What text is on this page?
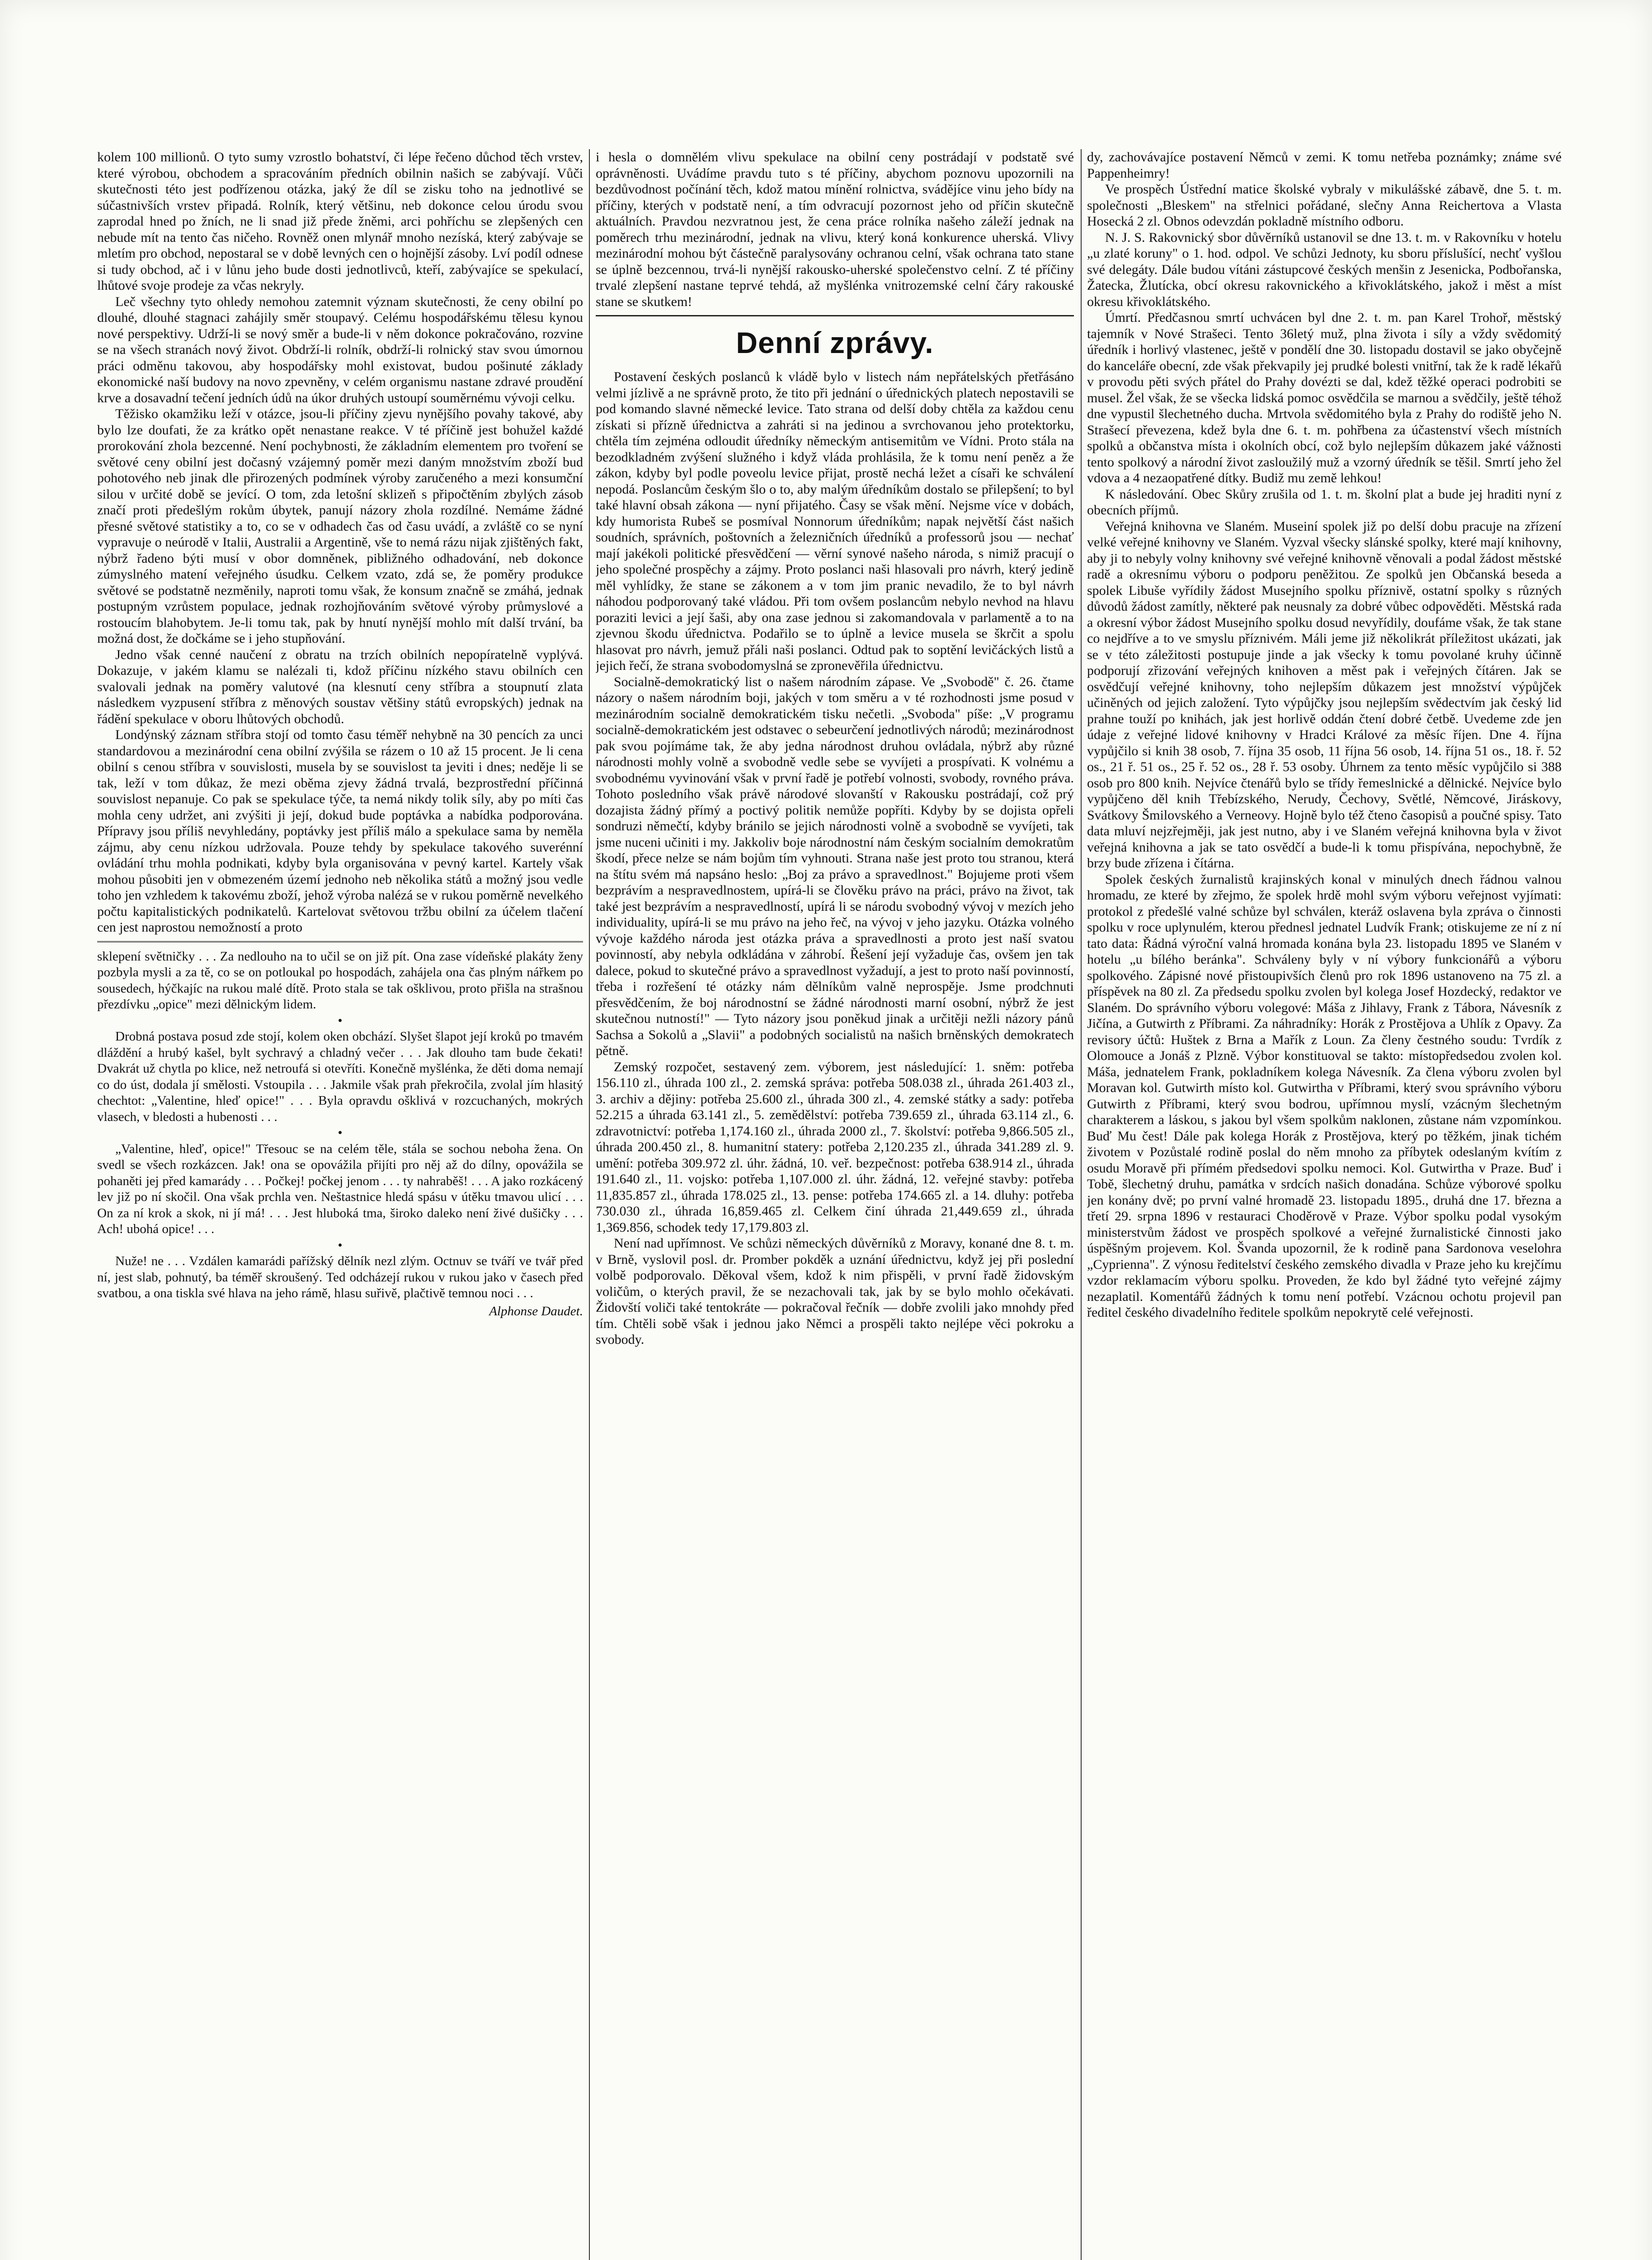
kolem 100 millionů. O tyto sumy vzrostlo bohatství, či lépe řečeno důchod těch vrstev, které výrobou, obchodem a spracováním předních obilnin našich se zabývají. Vůči skutečnosti této jest podřízenou otázka, jaký že díl se zisku toho na jednotlivé se súčastnivších vrstev připadá. Rolník, který většinu, neb dokonce celou úrodu svou zaprodal hned po žních, ne li snad již přede žněmi, arci pohříchu se zlepšených cen nebude mít na tento čas ničeho. Rovněž onen mlynář mnoho nezíská, který zabývaje se mletím pro obchod, nepostaral se v době levných cen o hojnější zásoby. Lví podíl odnese si tudy obchod, ač i v lůnu jeho bude dosti jednotlivců, kteří, zabývajíce se spekulací, lhůtové svoje prodeje za včas nekryly.

Leč všechny tyto ohledy nemohou zatemnit význam skutečnosti, že ceny obilní po dlouhé, dlouhé stagnaci zahájily směr stoupavý. Celému hospodářskému tělesu kynou nové perspektivy. Udrží-li se nový směr a bude-li v něm dokonce pokračováno, rozvine se na všech stranách nový život. Obdrží-li rolník, obdrží-li rolnický stav svou úmornou práci odměnu takovou, aby hospodářsky mohl existovat, budou pošinuté základy ekonomické naší budovy na novo zpevněny, v celém organismu nastane zdravé proudění krve a dosavadní tečení jedních údů na úkor druhých ustoupí souměrnému vývoji celku.

Těžisko okamžiku leží v otázce, jsou-li příčiny zjevu nynějšího povahy takové, aby bylo lze doufati, že za krátko opět nenastane reakce. V té příčině jest bohužel každé prorokování zhola bezcenné. Není pochybnosti, že základním elementem pro tvoření se světové ceny obilní jest dočasný vzájemný poměr mezi daným množstvím zboží bud pohotového neb jinak dle přirozených podmínek výroby zaručeného a mezi konsumční silou v určité době se jevící. O tom, zda letošní sklizeň s připočtěním zbylých zásob značí proti předešlým rokům úbytek, panují názory zhola rozdílné. Nemáme žádné přesné světové statistiky a to, co se v odhadech čas od času uvádí, a zvláště co se nyní vypravuje o neúrodě v Italii, Australii a Argentině, vše to nemá rázu nijak zjištěných fakt, nýbrž řadeno býti musí v obor domněnek, pibližného odhadování, neb dokonce zúmyslného matení veřejného úsudku. Celkem vzato, zdá se, že poměry produkce světové se podstatně nezměnily, naproti tomu však, že konsum značně se zmáhá, jednak postupným vzrůstem populace, jednak rozhojňováním světové výroby průmyslové a rostoucím blahobytem. Je-li tomu tak, pak by hnutí nynější mohlo mít další trvání, ba možná dost, že dočkáme se i jeho stupňování.

Jedno však cenné naučení z obratu na trzích obilních nepopíratelně vyplývá. Dokazuje, v jakém klamu se nalézali ti, kdož příčinu nízkého stavu obilních cen svalovali jednak na poměry valutové (na klesnutí ceny stříbra a stoupnutí zlata následkem vyzpusení stříbra z měnových soustav většiny států evropských) jednak na řádění spekulace v oboru lhůtových obchodů.

Londýnský záznam stříbra stojí od tomto času téměř nehybně na 30 pencích za unci standardovou a mezinárodní cena obilní zvýšila se rázem o 10 až 15 procent. Je li cena obilní s cenou stříbra v souvislosti, musela by se souvislost ta jeviti i dnes; neděje li se tak, leží v tom důkaz, že mezi oběma zjevy žádná trvalá, bezprostřední příčinná souvislost nepanuje. Co pak se spekulace týče, ta nemá nikdy tolik síly, aby po míti čas mohla ceny udržet, ani zvýšiti ji její, dokud bude poptávka a nabídka podporována. Přípravy jsou příliš nevyhledány, poptávky jest příliš málo a spekulace sama by neměla zájmu, aby cenu nízkou udržovala. Pouze tehdy by spekulace takového suverénní ovládání trhu mohla podnikati, kdyby byla organisována v pevný kartel. Kartely však mohou působiti jen v obmezeném území jednoho neb několika států a možný jsou vedle toho jen vzhledem k takovému zboží, jehož výroba nalézá se v rukou poměrně nevelkého počtu kapitalistických podnikatelů. Kartelovat světovou tržbu obilní za účelem tlačení cen jest naprostou nemožností a proto

sklepení světničky . . . Za nedlouho na to učil se on již pít. Ona zase vídeňské plakáty ženy pozbyla mysli a za tě, co se on potloukal po hospodách, zahájela ona čas plným nářkem po sousedech, hýčkajíc na rukou malé dítě. Proto stala se tak ošklivou, proto přišla na strašnou přezdívku „opice" mezi dělnickým lidem.

•

Drobná postava posud zde stojí, kolem oken obchází. Slyšet šlapot její kroků po tmavém dláždění a hrubý kašel, bylt sychravý a chladný večer . . . Jak dlouho tam bude čekati! Dvakrát už chytla po klice, než netroufá si otevříti. Konečně myšlénka, že děti doma nemají co do úst, dodala jí smělosti. Vstoupila . . . Jakmile však prah překročila, zvolal jím hlasitý chechtot: „Valentine, hleď opice!" . . . Byla opravdu ošklivá v rozcuchaných, mokrých vlasech, v bledosti a hubenosti . . .

•

„Valentine, hleď, opice!" Třesouc se na celém těle, stála se sochou neboha žena. On svedl se všech rozkázcen. Jak! ona se opovážila přijíti pro něj až do dílny, opovážila se pohaněti jej před kamarády . . . Počkej! počkej jenom . . . ty nahraběš! . . . A jako rozkácený lev již po ní skočil. Ona však prchla ven. Neštastnice hledá spásu v útěku tmavou ulicí . . . On za ní krok a skok, ni jí má! . . . Jest hluboká tma, široko daleko není živé dušičky . . . Ach! ubohá opice! . . .

•

Nuže! ne . . . Vzdálen kamarádi pařížský dělník nezl zlým. Octnuv se tváří ve tvář před ní, jest slab, pohnutý, ba téměř skroušený. Ted odcházejí rukou v rukou jako v časech před svatbou, a ona tiskla své hlava na jeho rámě, hlasu suřivě, plačtivě temnou noci . . .

Alphonse Daudet.

i hesla o domnělém vlivu spekulace na obilní ceny postrádají v podstatě své oprávněnosti. Uvádíme pravdu tuto s té příčiny, abychom poznovu upozornili na bezdůvodnost počínání těch, kdož matou mínění rolnictva, svádějíce vinu jeho bídy na příčiny, kterých v podstatě není, a tím odvracují pozornost jeho od příčin skutečně aktuálních. Pravdou nezvratnou jest, že cena práce rolníka našeho záleží jednak na poměrech trhu mezinárodní, jednak na vlivu, který koná konkurence uherská. Vlivy mezinárodní mohou být částečně paralysovány ochranou celní, však ochrana tato stane se úplně bezcennou, trvá-li nynější rakousko-uherské společenstvo celní. Z té příčiny trvalé zlepšení nastane teprvé tehdá, až myšlénka vnitrozemské celní čáry rakouské stane se skutkem!

Denní zprávy.

Postavení českých poslanců k vládě bylo v listech nám nepřátelských přetřásáno velmi jízlivě a ne správně proto, že tito při jednání o úřednických platech nepostavili se pod komando slavné německé levice. Tato strana od delší doby chtěla za každou cenu získati si přízně úřednictva a zahráti si na jedinou a svrchovanou jeho protektorku, chtěla tím zejména odloudit úředníky německým antisemitům ve Vídni. Proto stála na bezodkladném zvýšení služného i když vláda prohlásila, že k tomu není peněz a že zákon, kdyby byl podle poveolu levice přijat, prostě nechá ležet a císaři ke schválení nepodá. Poslancům českým šlo o to, aby malým úředníkům dostalo se přilepšení; to byl také hlavní obsah zákona — nyní přijatého. Časy se však mění. Nejsme více v dobách, kdy humorista Rubeš se posmíval Nonnorum úředníkům; napak největší část našich soudních, správních, poštovních a železničních úředníků a professorů jsou — nechať mají jakékoli politické přesvědčení — věrní synové našeho národa, s nimiž pracují o jeho společné prospěchy a zájmy. Proto poslanci naši hlasovali pro návrh, který jedině měl vyhlídky, že stane se zákonem a v tom jim pranic nevadilo, že to byl návrh náhodou podporovaný také vládou. Při tom ovšem poslancům nebylo nevhod na hlavu poraziti levici a její šaši, aby ona zase jednou si zakomandovala v parlamentě a to na zjevnou škodu úřednictva. Podařilo se to úplně a levice musela se škrčit a spolu hlasovat pro návrh, jemuž přáli naši poslanci. Odtud pak to soptění levičáckých listů a jejich řečí, že strana svobodomyslná se zpronevěřila úřednictvu.

Socialně-demokratický list o našem národním zápase. Ve „Svobodě" č. 26. čtame názory o našem národním boji, jakých v tom směru a v té rozhodnosti jsme posud v mezinárodním socialně demokratickém tisku nečetli. „Svoboda" píše: „V programu socialně-demokratickém jest odstavec o sebeurčení jednotlivých národů; mezinárodnost pak svou pojímáme tak, že aby jedna národnost druhou ovládala, nýbrž aby různé národnosti mohly volně a svobodně vedle sebe se vyvíjeti a prospívati. K volnému a svobodnému vyvinování však v první řadě je potřebí volnosti, svobody, rovného práva. Tohoto posledního však právě národové slovanští v Rakousku postrádají, což prý dozajista žádný přímý a poctivý politik nemůže popříti. Kdyby by se dojista opřeli sondruzi němečtí, kdyby bránilo se jejich národnosti volně a svobodně se vyvíjeti, tak jsme nuceni učiniti i my. Jakkoliv boje národnostní nám českým socialním demokratům škodí, přece nelze se nám bojům tím vyhnouti. Strana naše jest proto tou stranou, která na štítu svém má napsáno heslo: „Boj za právo a spravedlnost." Bojujeme proti všem bezprávím a nespravedlnostem, upírá-li se člověku právo na práci, právo na život, tak také jest bezprávím a nespravedlností, upírá li se národu svobodný vývoj v mezích jeho individuality, upírá-li se mu právo na jeho řeč, na vývoj v jeho jazyku. Otázka volného vývoje každého národa jest otázka práva a spravedlnosti a proto jest naší svatou povinností, aby nebyla odkládána v záhrobí. Řešení její vyžaduje čas, ovšem jen tak dalece, pokud to skutečné právo a spravedlnost vyžadují, a jest to proto naší povinností, třeba i rozřešení té otázky nám dělníkům valně neprospěje. Jsme prodchnuti přesvědčením, že boj národnostní se žádné národnosti marní osobní, nýbrž že jest skutečnou nutností!" — Tyto názory jsou poněkud jinak a určitěji nežli názory pánů Sachsa a Sokolů a „Slavii" a podobných socialistů na našich brněnských demokratech pětně.

Zemský rozpočet, sestavený zem. výborem, jest následující: 1. sněm: potřeba 156.110 zl., úhrada 100 zl., 2. zemská správa: potřeba 508.038 zl., úhrada 261.403 zl., 3. archiv a dějiny: potřeba 25.600 zl., úhrada 300 zl., 4. zemské státky a sady: potřeba 52.215 a úhrada 63.141 zl., 5. zemědělství: potřeba 739.659 zl., úhrada 63.114 zl., 6. zdravotnictví: potřeba 1,174.160 zl., úhrada 2000 zl., 7. školství: potřeba 9,866.505 zl., úhrada 200.450 zl., 8. humanitní statery: potřeba 2,120.235 zl., úhrada 341.289 zl. 9. umění: potřeba 309.972 zl. úhr. žádná, 10. veř. bezpečnost: potřeba 638.914 zl., úhrada 191.640 zl., 11. vojsko: potřeba 1,107.000 zl. úhr. žádná, 12. veřejné stavby: potřeba 11,835.857 zl., úhrada 178.025 zl., 13. pense: potřeba 174.665 zl. a 14. dluhy: potřeba 730.030 zl., úhrada 16,859.465 zl. Celkem činí úhrada 21,449.659 zl., úhrada 1,369.856, schodek tedy 17,179.803 zl.

Není nad upřímnost. Ve schůzi německých důvěrníků z Moravy, konané dne 8. t. m. v Brně, vyslovil posl. dr. Promber pokděk a uznání úřednictvu, když jej při poslední volbě podporovalo. Děkoval všem, kdož k nim přispěli, v první řadě židovským voličům, o kterých pravil, že se nezachovali tak, jak by se bylo mohlo očekávati. Židovští voliči také tentokráte — pokračoval řečník — dobře zvolili jako mnohdy před tím. Chtěli sobě však i jednou jako Němci a prospěli takto nejlépe věci pokroku a svobody.

dy, zachovávajíce postavení Němců v zemi. K tomu netřeba poznámky; známe své Pappenheimry!

Ve prospěch Ústřední matice školské vybraly v mikulášské zábavě, dne 5. t. m. společnosti „Bleskem" na střelnici pořádané, slečny Anna Reichertova a Vlasta Hosecká 2 zl. Obnos odevzdán pokladně místního odboru.

N. J. S. Rakovnický sbor důvěrníků ustanovil se dne 13. t. m. v Rakovníku v hotelu „u zlaté koruny" o 1. hod. odpol. Ve schůzi Jednoty, ku sboru příslušící, nechť vyšlou své delegáty. Dále budou vítáni zástupcové českých menšin z Jesenicka, Podbořanska, Žatecka, Žlutícka, obcí okresu rakovnického a křivoklátského, jakož i měst a míst okresu křivoklátského.

Úmrtí. Předčasnou smrtí uchvácen byl dne 2. t. m. pan Karel Trohoř, městský tajemník v Nové Strašeci. Tento 36letý muž, plna života i síly a vždy svědomitý úředník i horlivý vlastenec, ještě v pondělí dne 30. listopadu dostavil se jako obyčejně do kanceláře obecní, zde však překvapily jej prudké bolesti vnitřní, tak že k radě lékařů v provodu pěti svých přátel do Prahy dovézti se dal, kdež těžké operaci podrobiti se musel. Žel však, že se všecka lidská pomoc osvědčila se marnou a svědčily, ještě téhož dne vypustil šlechetného ducha. Mrtvola svědomitého byla z Prahy do rodiště jeho N. Strašecí převezena, kdež byla dne 6. t. m. pohřbena za účastenství všech místních spolků a občanstva místa i okolních obcí, což bylo nejlepším důkazem jaké vážnosti tento spolkový a národní život zasloužilý muž a vzorný úředník se těšil. Smrtí jeho žel vdova a 4 nezaopatřené dítky. Budiž mu země lehkou!

K následování. Obec Skůry zrušila od 1. t. m. školní plat a bude jej hraditi nyní z obecních příjmů.

Veřejná knihovna ve Slaném. Museiní spolek již po delší dobu pracuje na zřízení velké veřejné knihovny ve Slaném. Vyzval všecky slánské spolky, které mají knihovny, aby ji to nebyly volny knihovny své veřejné knihovně věnovali a podal žádost městské radě a okresnímu výboru o podporu peněžitou. Ze spolků jen Občanská beseda a spolek Libuše vyřídily žádost Musejního spolku příznivě, ostatní spolky s různých důvodů žádost zamítly, některé pak neusnaly za dobré vůbec odpověděti. Městská rada a okresní výbor žádost Musejního spolku dosud nevyřídily, doufáme však, že tak stane co nejdříve a to ve smyslu příznivém. Máli jeme již několikrát příležitost ukázati, jak se v této záležitosti postupuje jinde a jak všecky k tomu povolané kruhy účinně podporují zřizování veřejných knihoven a měst pak i veřejných čítáren. Jak se osvědčují veřejné knihovny, toho nejlepším důkazem jest množství výpůjček učiněných od jejich založení. Tyto výpůjčky jsou nejlepším svědectvím jak český lid prahne touží po knihách, jak jest horlivě oddán čtení dobré četbě. Uvedeme zde jen údaje z veřejné lidové knihovny v Hradci Králové za měsíc říjen. Dne 4. října vypůjčilo si knih 38 osob, 7. října 35 osob, 11 října 56 osob, 14. října 51 os., 18. ř. 52 os., 21 ř. 51 os., 25 ř. 52 os., 28 ř. 53 osoby. Úhrnem za tento měsíc vypůjčilo si 388 osob pro 800 knih. Nejvíce čtenářů bylo se třídy řemeslnické a dělnické. Nejvíce bylo vypůjčeno děl knih Třebízského, Nerudy, Čechovy, Světlé, Němcové, Jiráskovy, Svátkovy Šmilovského a Verneovy. Hojně bylo též čteno časopisů a poučné spisy. Tato data mluví nejzřejměji, jak jest nutno, aby i ve Slaném veřejná knihovna byla v život veřejná knihovna a jak se tato osvědčí a bude-li k tomu přispívána, nepochybně, že brzy bude zřízena i čítárna.

Spolek českých žurnalistů krajinských konal v minulých dnech řádnou valnou hromadu, ze které by zřejmo, že spolek hrdě mohl svým výboru veřejnost vyjímati: protokol z předešlé valné schůze byl schválen, kteráž oslavena byla zpráva o činnosti spolku v roce uplynulém, kterou přednesl jednatel Ludvík Frank; otiskujeme ze ní z ní tato data: Řádná výroční valná hromada konána byla 23. listopadu 1895 ve Slaném v hotelu „u bílého beránka". Schváleny byly v ní výbory funkcionářů a výboru spolkového. Zápisné nové přistoupivších členů pro rok 1896 ustanoveno na 75 zl. a příspěvek na 80 zl. Za předsedu spolku zvolen byl kolega Josef Hozdecký, redaktor ve Slaném. Do správního výboru volegové: Máša z Jihlavy, Frank z Tábora, Návesník z Jičína, a Gutwirth z Příbrami. Za náhradníky: Horák z Prostějova a Uhlík z Opavy. Za revisory účtů: Huštek z Brna a Mařík z Loun. Za členy čestného soudu: Tvrdík z Olomouce a Jonáš z Plzně. Výbor konstituoval se takto: místopředsedou zvolen kol. Máša, jednatelem Frank, pokladníkem kolega Návesník. Za člena výboru zvolen byl Moravan kol. Gutwirth místo kol. Gutwirtha v Příbrami, který svou správního výboru Gutwirth z Příbrami, který svou bodrou, upřímnou myslí, vzácným šlechetným charakterem a láskou, s jakou byl všem spolkům naklonen, zůstane nám vzpomínkou. Buď Mu čest! Dále pak kolega Horák z Prostějova, který po těžkém, jinak tichém životem v Pozůstalé rodině poslal do něm mnoho za příbytek odeslaným kvítím z osudu Moravě při přímém předsedovi spolku nemoci. Kol. Gutwirtha v Praze. Buď i Tobě, šlechetný druhu, památka v srdcích našich donadána. Schůze výborové spolku jen konány dvě; po první valné hromadě 23. listopadu 1895., druhá dne 17. března a třetí 29. srpna 1896 v restauraci Choděrově v Praze. Výbor spolku podal vysokým ministerstvům žádost ve prospěch spolkové a veřejné žurnalistické činnosti jako úspěšným projevem. Kol. Švanda upozornil, že k rodině pana Sardonova veselohra „Cyprienna". Z výnosu ředitelství českého zemského divadla v Praze jeho ku krejčímu vzdor reklamacím výboru spolku. Proveden, že kdo byl žádné tyto veřejné zájmy nezaplatil. Komentářů žádných k tomu není potřebí. Vzácnou ochotu projevil pan ředitel českého divadelního ředitele spolkům nepokrytě celé veřejnosti.
